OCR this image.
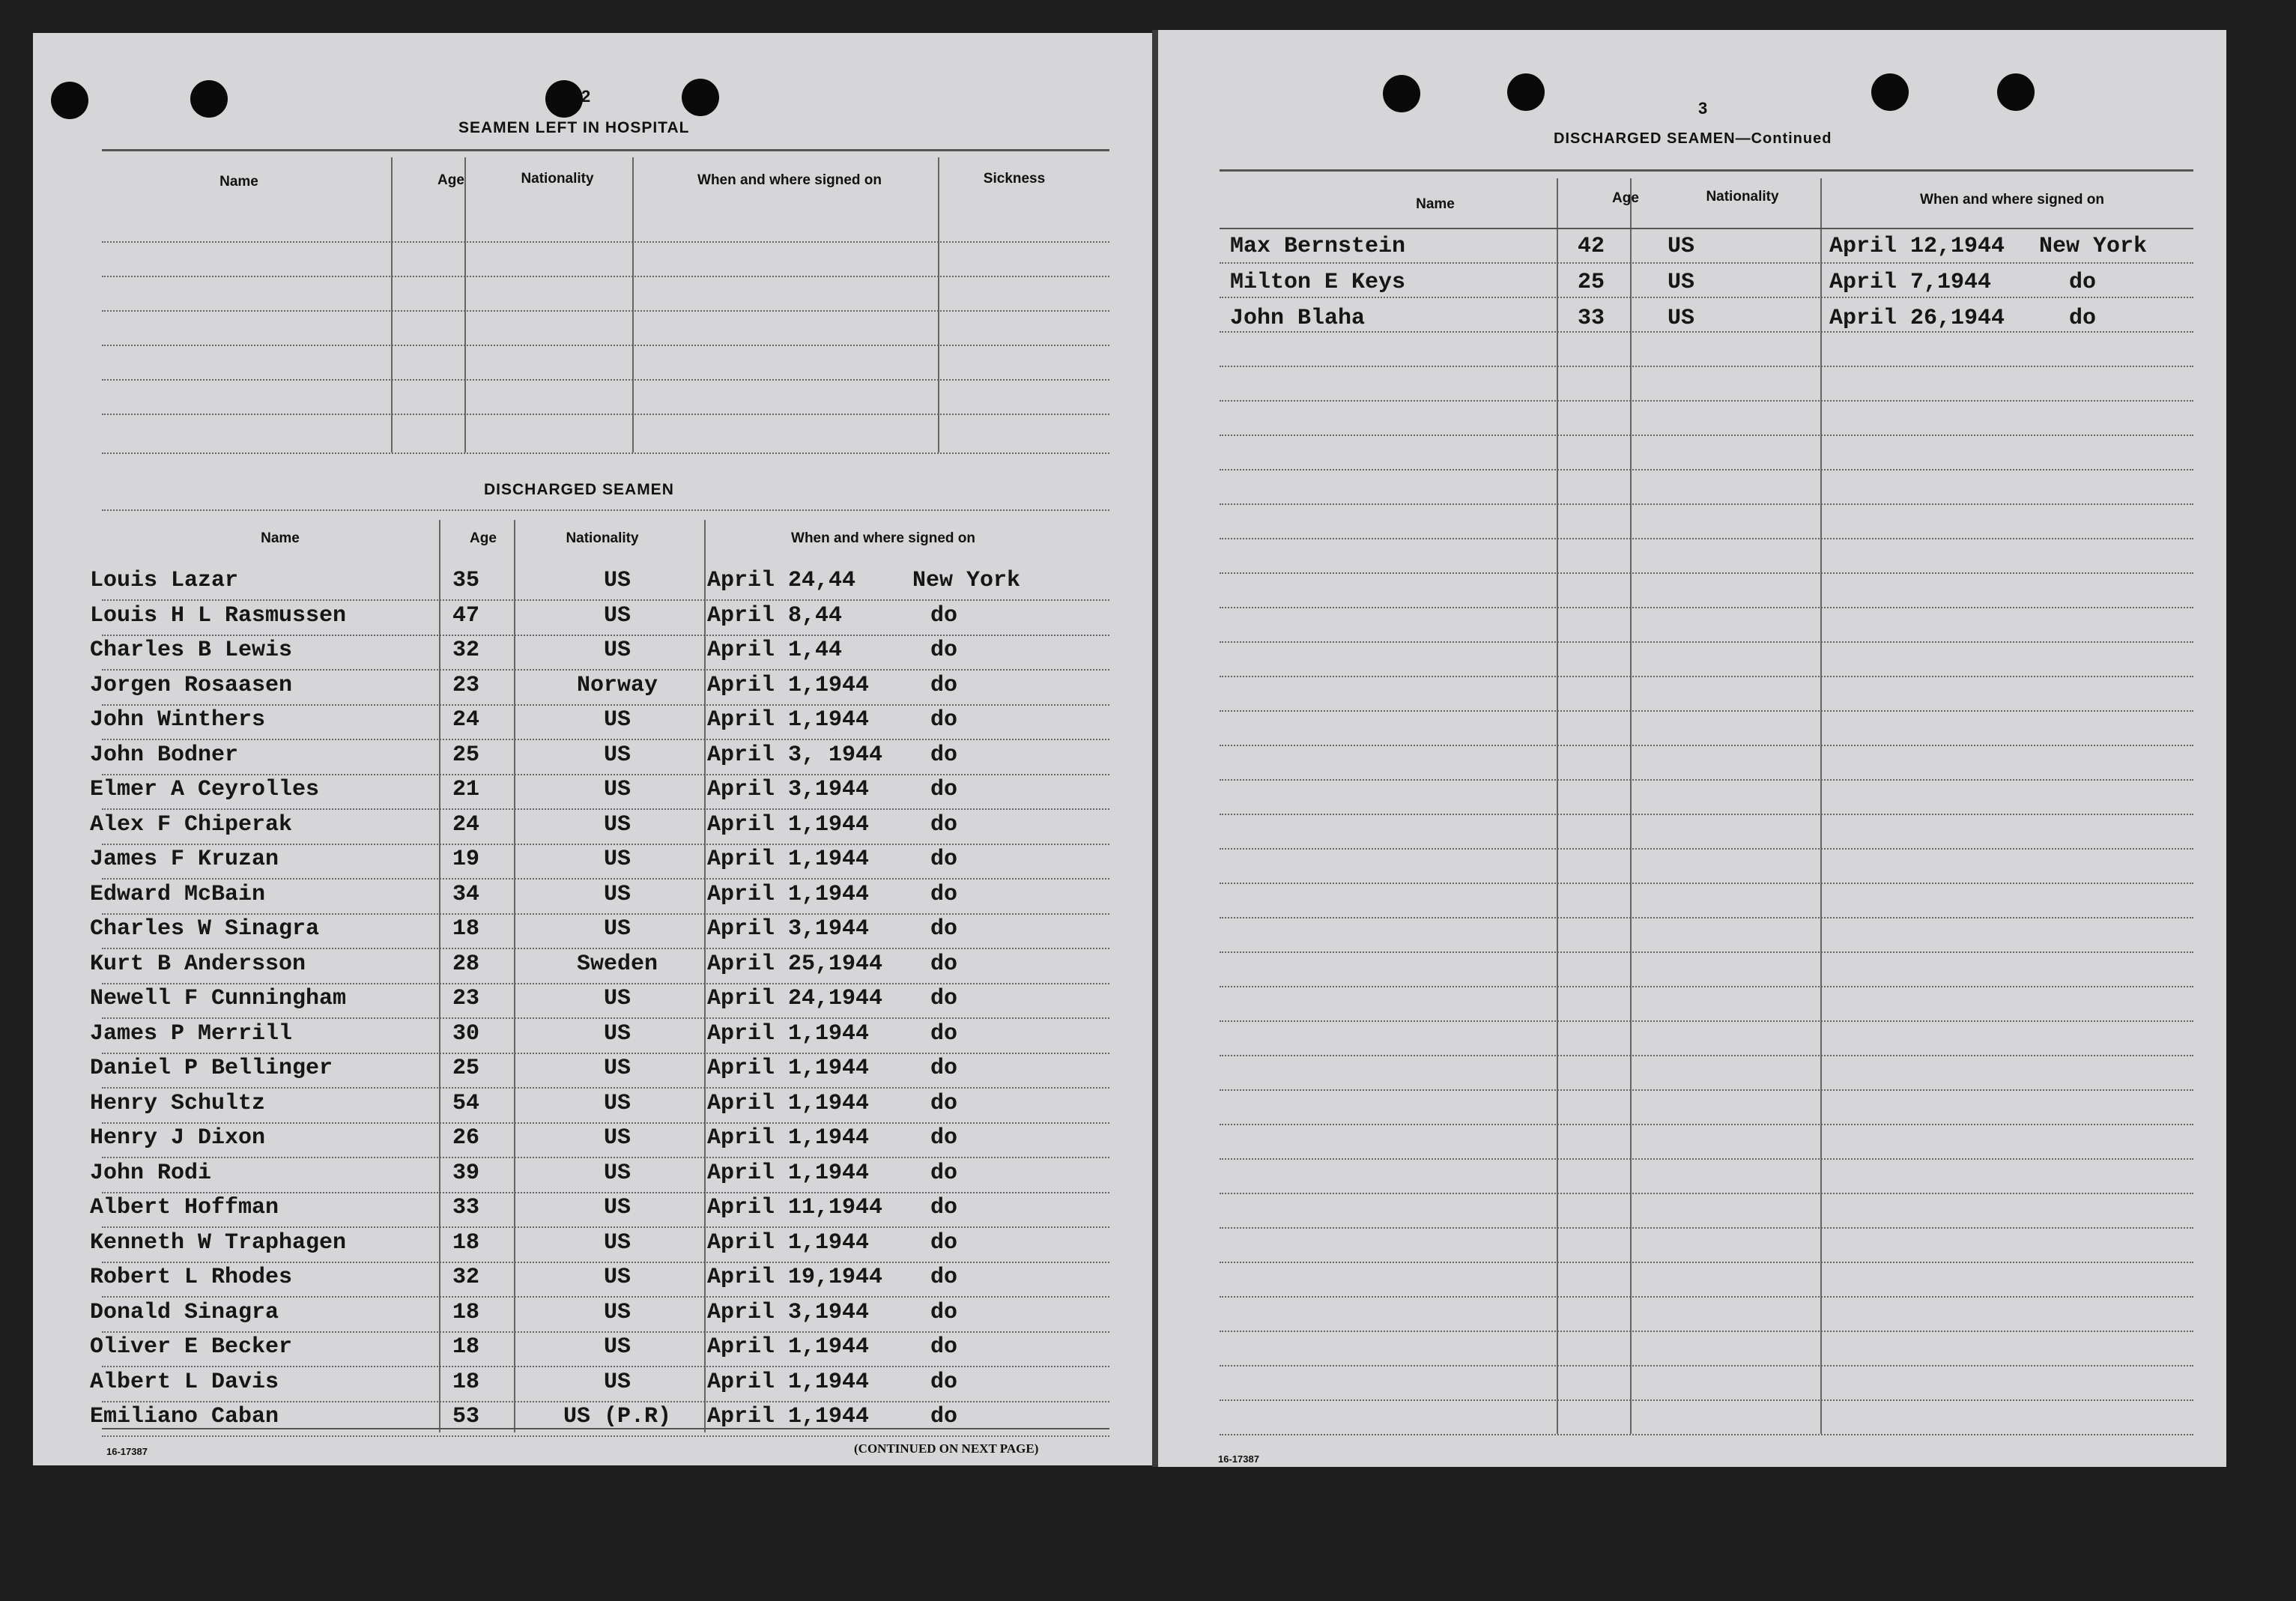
2
SEAMEN LEFT IN HOSPITAL
Name	Age	Nationality	When and where signed on	Sickness
DISCHARGED SEAMEN
Name	Age	Nationality	When and where signed on
Louis Lazar	35	US	April 24,44	New York
Louis H L Rasmussen	47	US	April 8,44	do
Charles B Lewis	32	US	April 1,44	do
Jorgen Rosaasen	23	Norway	April 1,1944	do
John Winthers	24	US	April 1,1944	do
John Bodner	25	US	April 3, 1944 do
Elmer A Ceyrolles	21	US	April 3,1944	do
Alex F Chiperak	24	US	April 1,1944	do
James F Kruzan	19	US	April 1,1944	do
Edward McBain	34	US	April 1,1944	do
Charles W Sinagra	18	US	April 3,1944	do
Kurt B Andersson	28	Sweden	April 25,1944 do
Newell F Cunningham	23	US	April 24,1944 do
James P Merrill	30	US	April 1,1944	do
Daniel P Bellinger	25	US	April 1,1944	do
Henry Schultz	54	US	April 1,1944	do
Henry J Dixon	26	US	April 1,1944	do
John Rodi	39	US	April 1,1944	do
Albert Hoffman	33	US	April 11,1944 do
Kenneth W Traphagen	18	US	April 1,1944	do
Robert L Rhodes	32	US	April 19,1944 do
Donald Sinagra	18	US	April 3,1944	do
Oliver E Becker	18	US	April 1,1944	do
Albert L Davis	18	US	April 1,1944	do
Emiliano Caban	53	US (P.R)	April 1,1944	do
16-17387	(CONTINUED ON NEXT PAGE)
3
DISCHARGED SEAMEN—Continued
Name	Age	Nationality	When and where signed on
Max Bernstein	42	US	April 12,1944 New York
Milton E Keys	25	US	April 7,1944	do
John Blaha	33	US	April 26,1944	do
16-17387
